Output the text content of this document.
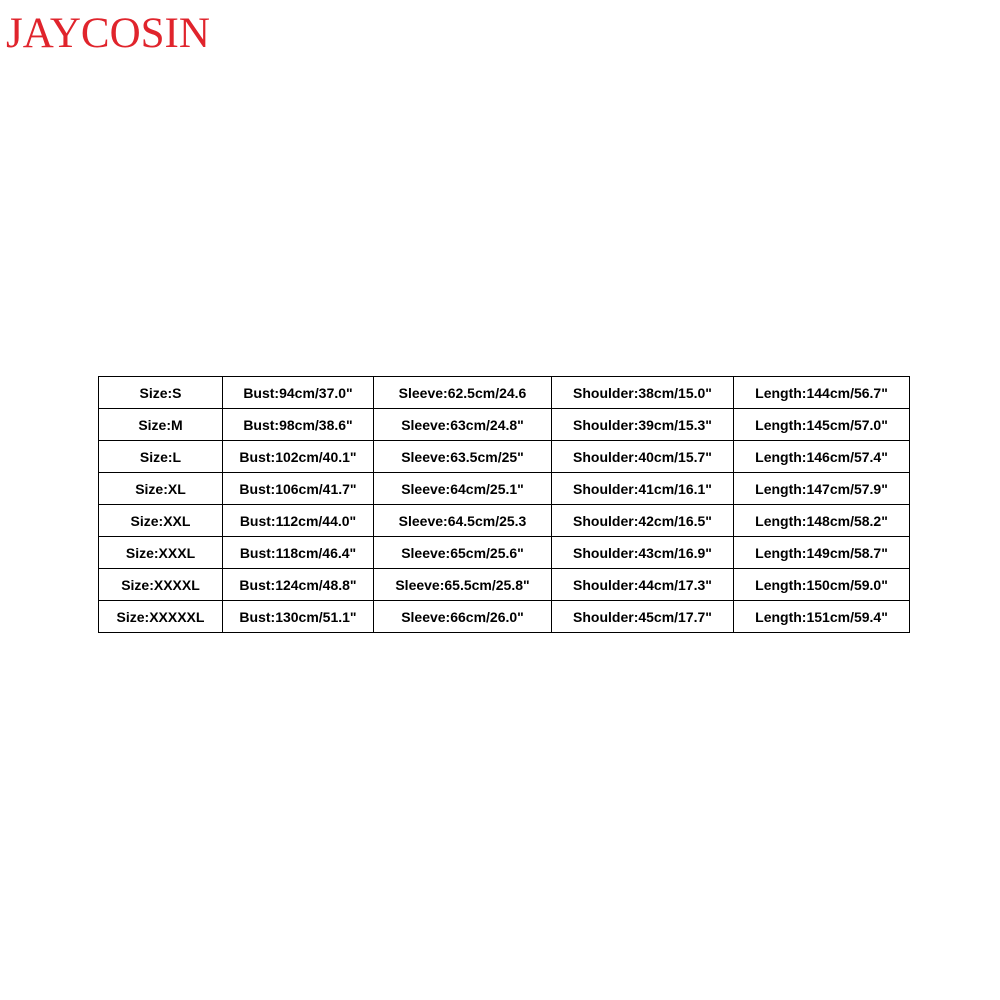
JAYCOSIN
Size:S	Bust:94cm/37.0"	Sleeve:62.5cm/24.6	Shoulder:38cm/15.0"	Length:144cm/56.7"
Size:M	Bust:98cm/38.6"	Sleeve:63cm/24.8"	Shoulder:39cm/15.3"	Length:145cm/57.0"
Size:L	Bust:102cm/40.1"	Sleeve:63.5cm/25"	Shoulder:40cm/15.7"	Length:146cm/57.4"
Size:XL	Bust:106cm/41.7"	Sleeve:64cm/25.1"	Shoulder:41cm/16.1"	Length:147cm/57.9"
Size:XXL	Bust:112cm/44.0"	Sleeve:64.5cm/25.3	Shoulder:42cm/16.5"	Length:148cm/58.2"
Size:XXXL	Bust:118cm/46.4"	Sleeve:65cm/25.6"	Shoulder:43cm/16.9"	Length:149cm/58.7"
Size:XXXXL	Bust:124cm/48.8"	Sleeve:65.5cm/25.8"	Shoulder:44cm/17.3"	Length:150cm/59.0"
Size:XXXXXL	Bust:130cm/51.1"	Sleeve:66cm/26.0"	Shoulder:45cm/17.7"	Length:151cm/59.4"
